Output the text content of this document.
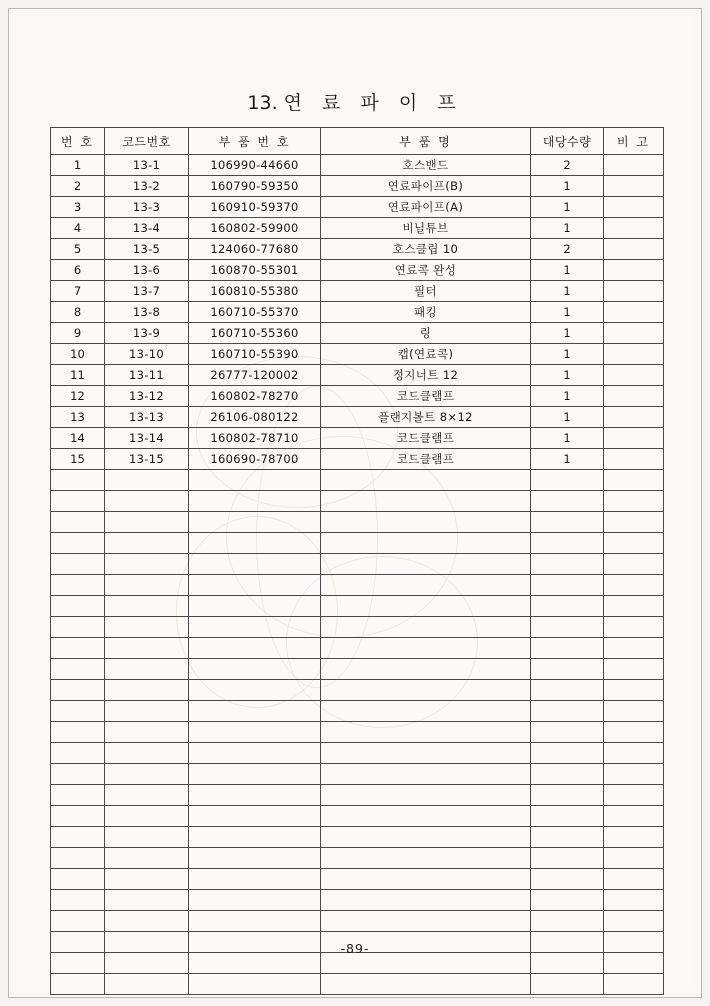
13. 연 료 파 이 프
번 호	코드번호	부 품 번 호	부 품 명	대당수량	비 고
1	13-1	106990-44660	호스밴드	2	
2	13-2	160790-59350	연료파이프(B)	1	
3	13-3	160910-59370	연료파이프(A)	1	
4	13-4	160802-59900	비닐튜브	1	
5	13-5	124060-77680	호스클립 10	2	
6	13-6	160870-55301	연료콕 완성	1	
7	13-7	160810-55380	필터	1	
8	13-8	160710-55370	패킹	1	
9	13-9	160710-55360	링	1	
10	13-10	160710-55390	캡(연료콕)	1	
11	13-11	26777-120002	정지너트 12	1	
12	13-12	160802-78270	코드클램프	1	
13	13-13	26106-080122	플랜지볼트 8×12	1	
14	13-14	160802-78710	코드클램프	1	
15	13-15	160690-78700	코드클램프	1	

-89-
